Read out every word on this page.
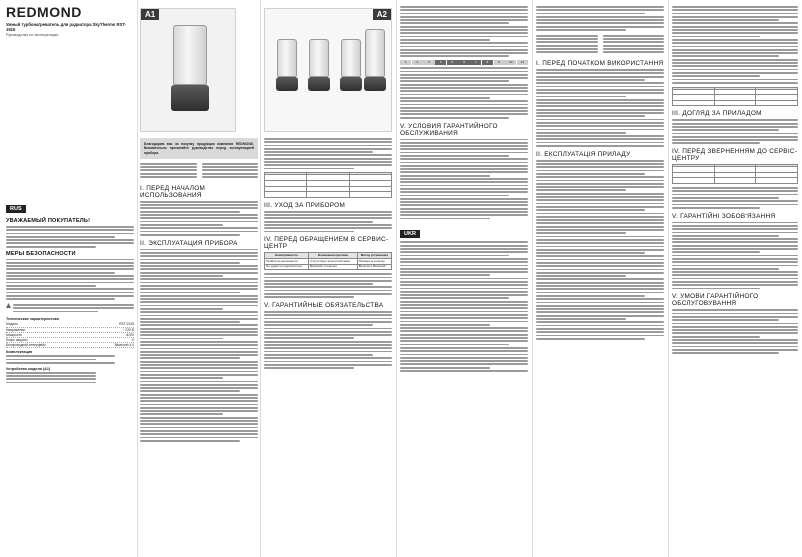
REDMOND
Умный турбонагреватель для радиатора SkyThermo RST-1915
Руководство по эксплуатации
RUS
УВАЖАЕМЫЙ ПОКУПАТЕЛЬ!
МЕРЫ БЕЗОПАСНОСТИ
Технические характеристики
Модель	RST-1915
Напряжение	~ 220 В
Мощность	40 Вт
Класс защиты	II
Беспроводной интерфейс	Bluetooth 4.0
Комплектация
Устройство модели (A1)
A1
Благодарим вас за покупку продукции компании REDMOND. Внимательно прочитайте руководство перед эксплуатацией прибора.
I. ПЕРЕД НАЧАЛОМ ИСПОЛЬЗОВАНИЯ
II. ЭКСПЛУАТАЦИЯ ПРИБОРА
A2

III. УХОД ЗА ПРИБОРОМ
IV. ПЕРЕД ОБРАЩЕНИЕМ В СЕРВИС-ЦЕНТР
Неисправность	Возможная причина	Метод устранения
Прибор не включается	Отсутствует электропитание	Проверьте розетку
Не удается подключиться	Bluetooth отключен	Включите Bluetooth
V. ГАРАНТИЙНЫЕ ОБЯЗАТЕЛЬСТВА
1	2	3	4	5	6	7	8	9	10	11
V. УСЛОВИЯ ГАРАНТИЙНОГО ОБСЛУЖИВАНИЯ
UKR
I. ПЕРЕД ПОЧАТКОМ ВИКОРИСТАННЯ
II. ЕКСПЛУАТАЦІЯ ПРИЛАДУ

III. ДОГЛЯД ЗА ПРИЛАДОМ
IV. ПЕРЕД ЗВЕРНЕННЯМ ДО СЕРВІС-ЦЕНТРУ

V. ГАРАНТІЙНІ ЗОБОВ'ЯЗАННЯ
V. УМОВИ ГАРАНТІЙНОГО ОБСЛУГОВУВАННЯ
